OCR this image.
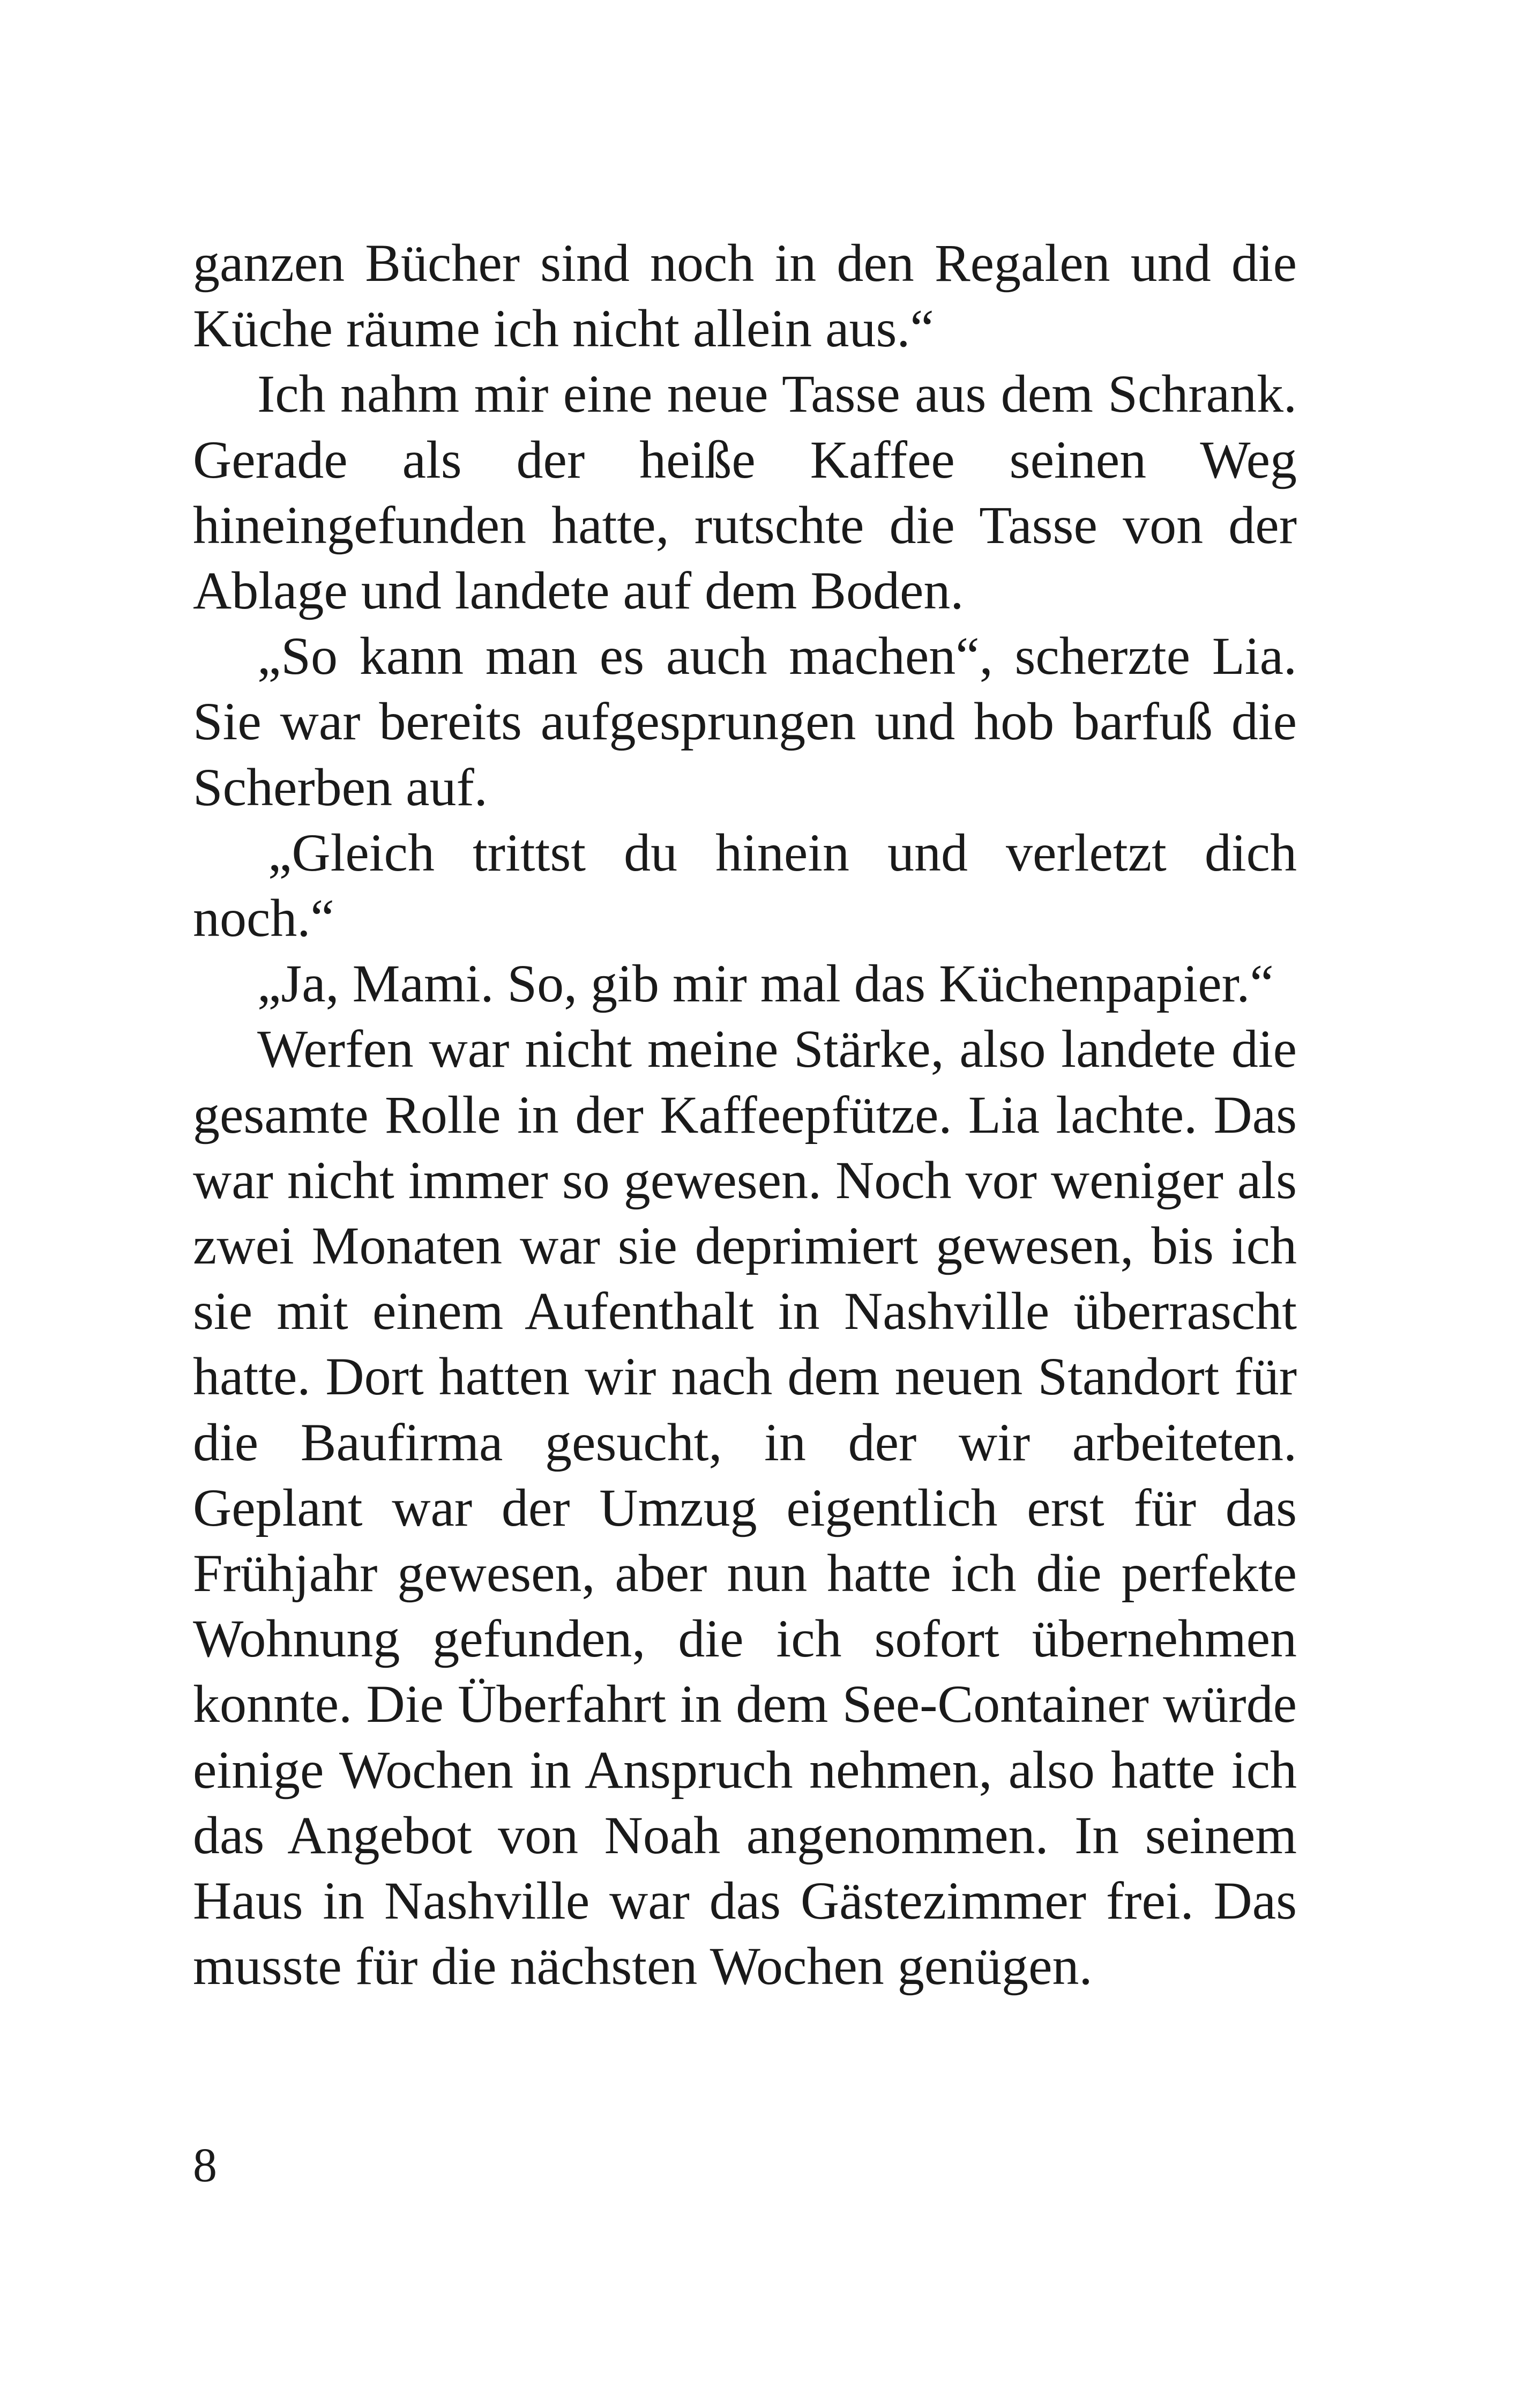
ganzen Bücher sind noch in den Regalen und die Küche räume ich nicht allein aus.“

Ich nahm mir eine neue Tasse aus dem Schrank. Gerade als der heiße Kaffee seinen Weg hineingefunden hatte, rutschte die Tasse von der Ablage und landete auf dem Boden.

„So kann man es auch machen“, scherzte Lia. Sie war bereits aufgesprungen und hob barfuß die Scherben auf.

„Gleich trittst du hinein und verletzt dich noch.“

„Ja, Mami. So, gib mir mal das Küchenpapier.“

Werfen war nicht meine Stärke, also landete die gesamte Rolle in der Kaffeepfütze. Lia lachte. Das war nicht immer so gewesen. Noch vor weniger als zwei Monaten war sie deprimiert gewesen, bis ich sie mit einem Aufenthalt in Nashville überrascht hatte. Dort hatten wir nach dem neuen Standort für die Baufirma gesucht, in der wir arbeiteten. Geplant war der Umzug eigentlich erst für das Frühjahr gewesen, aber nun hatte ich die perfekte Wohnung gefunden, die ich sofort übernehmen konnte. Die Überfahrt in dem See-Container würde einige Wochen in Anspruch nehmen, also hatte ich das Angebot von Noah angenommen. In seinem Haus in Nashville war das Gästezimmer frei. Das musste für die nächsten Wochen genügen.

8
